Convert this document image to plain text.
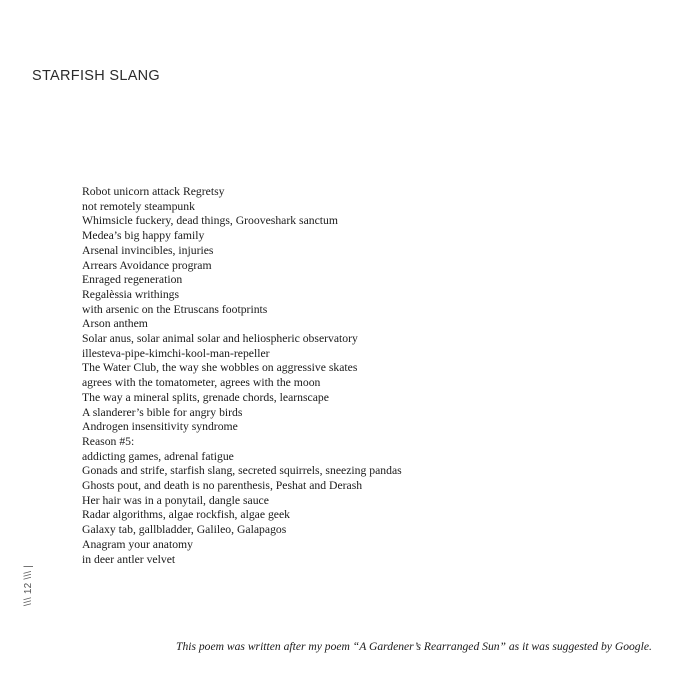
STARFISH SLANG
Robot unicorn attack Regretsy
not remotely steampunk
Whimsicle fuckery, dead things, Grooveshark sanctum
Medea’s big happy family
Arsenal invincibles, injuries
Arrears Avoidance program
Enraged regeneration
Regalèssia writhings
with arsenic on the Etruscans footprints
Arson anthem
Solar anus, solar animal solar and heliospheric observatory
illesteva-pipe-kimchi-kool-man-repeller
The Water Club, the way she wobbles on aggressive skates
agrees with the tomatometer, agrees with the moon
The way a mineral splits, grenade chords, learnscape
A slanderer’s bible for angry birds
Androgen insensitivity syndrome
Reason #5:
addicting games, adrenal fatigue
Gonads and strife, starfish slang, secreted squirrels, sneezing pandas
Ghosts pout, and death is no parenthesis, Peshat and Derash
Her hair was in a ponytail, dangle sauce
Radar algorithms, algae rockfish, algae geek
Galaxy tab, gallbladder, Galileo, Galapagos
Anagram your anatomy
in deer antler velvet
\\\ 12 \\\ |

This poem was written after my poem “A Gardener’s Rearranged Sun” as it was suggested by Google.
